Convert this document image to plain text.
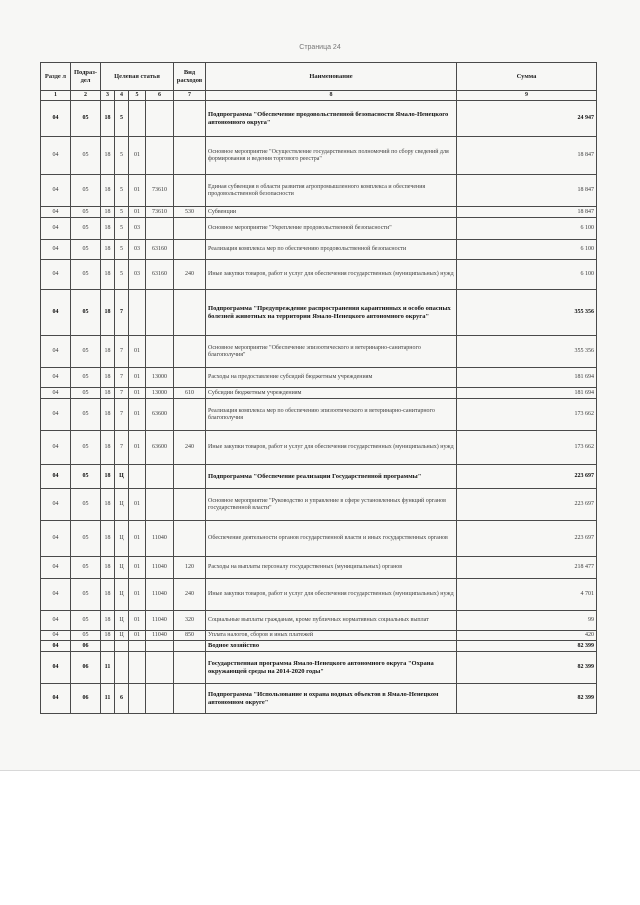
Страница 24
Разде л	Подраз- дел	Целевая статья				Вид расходов	Наименование	Сумма
1	2	3	4	5	6	7	8	9
04	05	18	5				Подпрограмма "Обеспечение продовольственной безопасности Ямало-Ненецкого автономного округа"	24 947
04	05	18	5	01			Основное мероприятие "Осуществление государственных полномочий по сбору сведений для формирования и ведения торгового реестра"	18 847
04	05	18	5	01	73610		Единая субвенция в области развития агропромышленного комплекса и обеспечения продовольственной безопасности	18 847
04	05	18	5	01	73610	530	Субвенции	18 847
04	05	18	5	03			Основное мероприятие "Укрепление продовольственной безопасности"	6 100
04	05	18	5	03	63160		Реализация комплекса мер по обеспечению продовольственной безопасности	6 100
04	05	18	5	03	63160	240	Иные закупки товаров, работ и услуг для обеспечения государственных (муниципальных) нужд	6 100
04	05	18	7				Подпрограмма "Предупреждение распространения карантинных и особо опасных болезней животных на территории Ямало-Ненецкого автономного округа"	355 356
04	05	18	7	01			Основное мероприятие "Обеспечение эпизоотического и ветеринарно-санитарного благополучия"	355 356
04	05	18	7	01	13000		Расходы на предоставление субсидий бюджетным учреждениям	181 694
04	05	18	7	01	13000	610	Субсидии бюджетным учреждениям	181 694
04	05	18	7	01	63600		Реализация комплекса мер по обеспечению эпизоотического и ветеринарно-санитарного благополучия	173 662
04	05	18	7	01	63600	240	Иные закупки товаров, работ и услуг для обеспечения государственных (муниципальных) нужд	173 662
04	05	18	Ц				Подпрограмма "Обеспечение реализации Государственной программы"	223 697
04	05	18	Ц	01			Основное мероприятие "Руководство и управление в сфере установленных функций органов государственной власти"	223 697
04	05	18	Ц	01	11040		Обеспечение деятельности органов государственной власти и иных государственных органов	223 697
04	05	18	Ц	01	11040	120	Расходы на выплаты персоналу государственных (муниципальных) органов	218 477
04	05	18	Ц	01	11040	240	Иные закупки товаров, работ и услуг для обеспечения государственных (муниципальных) нужд	4 701
04	05	18	Ц	01	11040	320	Социальные выплаты гражданам, кроме публичных нормативных социальных выплат	99
04	05	18	Ц	01	11040	850	Уплата налогов, сборов и иных платежей	420
04	06						Водное хозяйство	82 399
04	06	11					Государственная программа Ямало-Ненецкого автономного округа "Охрана окружающей среды на 2014-2020 годы"	82 399
04	06	11	6				Подпрограмма "Использование и охрана водных объектов в Ямало-Ненецком автономном округе"	82 399
